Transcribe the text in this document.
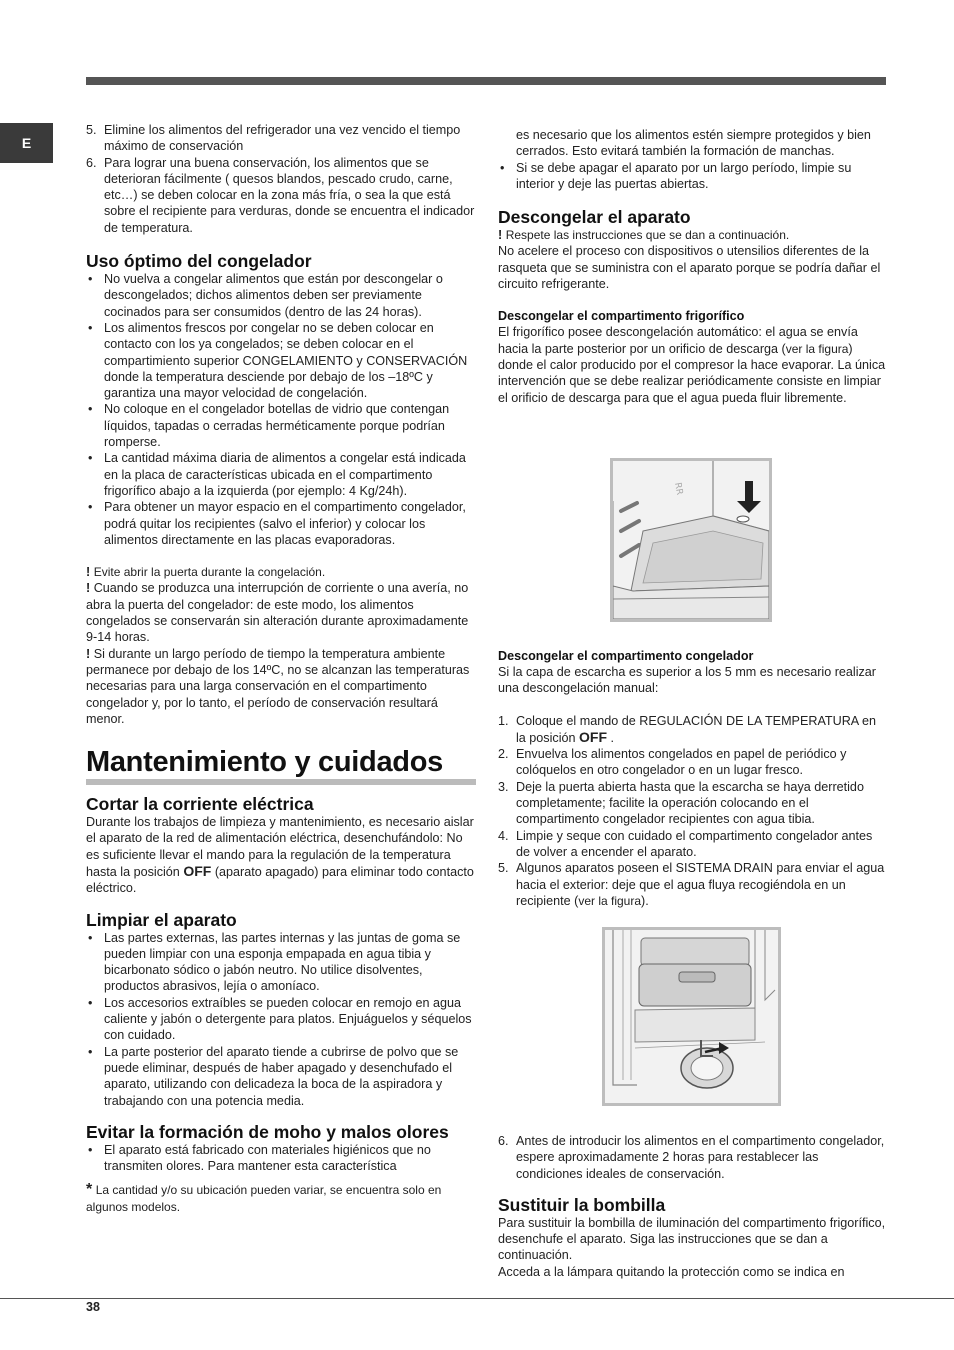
E
5. Elimine los alimentos del refrigerador una vez vencido el tiempo máximo de conservación
6. Para lograr una buena conservación, los alimentos que se deterioran fácilmente ( quesos blandos, pescado crudo, carne, etc…) se deben colocar en la zona más fría, o sea la que está sobre el recipiente para verduras, donde se encuentra el indicador de temperatura.
Uso óptimo del congelador
• No vuelva a congelar alimentos que están por descongelar o descongelados; dichos alimentos deben ser previamente cocinados para ser consumidos (dentro de las 24 horas).
• Los alimentos frescos por congelar no se deben colocar en contacto con los ya congelados; se deben colocar en el compartimiento superior CONGELAMIENTO y CONSERVACIÓN donde la temperatura desciende por debajo de los –18ºC y garantiza una mayor velocidad de congelación.
• No coloque en el congelador botellas de vidrio que contengan líquidos, tapadas o cerradas herméticamente porque podrían romperse.
• La cantidad máxima diaria de alimentos a congelar está indicada en la placa de características ubicada en el compartimento frigorífico abajo a la izquierda (por ejemplo: 4 Kg/24h).
• Para obtener un mayor espacio en el compartimento congelador, podrá quitar los recipientes (salvo el inferior) y colocar los alimentos directamente en las placas evaporadoras.

! Evite abrir la puerta durante la congelación.

! Cuando se produzca una interrupción de corriente o una avería, no abra la puerta del congelador: de este modo, los alimentos congelados se conservarán sin alteración durante aproximadamente 9-14 horas.

! Si durante un largo período de tiempo la temperatura ambiente permanece por debajo de los 14ºC, no se alcanzan las temperaturas necesarias para una larga conservación en el compartimento congelador y, por lo tanto, el período de conservación resultará menor.

Mantenimiento y cuidados
Cortar la corriente eléctrica

Durante los trabajos de limpieza y mantenimiento, es necesario aislar el aparato de la red de alimentación eléctrica, desenchufándolo: No es suficiente llevar el mando para la regulación de la temperatura hasta la posición OFF (aparato apagado) para eliminar todo contacto eléctrico.

Limpiar el aparato
• Las partes externas, las partes internas y las juntas de goma se pueden limpiar con una esponja empapada en agua tibia y bicarbonato sódico o jabón neutro. No utilice disolventes, productos abrasivos, lejía o amoníaco.
• Los accesorios extraíbles se pueden colocar en remojo en agua caliente y jabón o detergente para platos. Enjuáguelos y séquelos con cuidado.
• La parte posterior del aparato tiende a cubrirse de polvo que se puede eliminar, después de haber apagado y desenchufado el aparato, utilizando con delicadeza la boca de la aspiradora y trabajando con una potencia media.
Evitar la formación de moho y malos olores
• El aparato está fabricado con materiales higiénicos que no transmiten olores. Para mantener esta característica

* La cantidad y/o su ubicación pueden variar, se encuentra solo en algunos modelos.

es necesario que los alimentos estén siempre protegidos y bien cerrados. Esto evitará también la formación de manchas.

• Si se debe apagar el aparato por un largo período, limpie su interior y deje las puertas abiertas.
Descongelar el aparato

! Respete las instrucciones que se dan a continuación.

No acelere el proceso con dispositivos o utensilios diferentes de la rasqueta que se suministra con el aparato porque se podría dañar el circuito refrigerante.

Descongelar el compartimento frigorífico

El frigorífico posee descongelación automático: el agua se envía hacia la parte posterior por un orificio de descarga (ver la figura) donde el calor producido por el compresor la hace evaporar. La única intervención que se debe realizar periódicamente consiste en limpiar el orificio de descarga para que el agua pueda fluir libremente.

Descongelar el compartimento congelador

Si la capa de escarcha es superior a los 5 mm es necesario realizar una descongelación manual:

1. Coloque el mando de REGULACIÓN DE LA TEMPERATURA en la posición OFF .
2. Envuelva los alimentos congelados en papel de periódico y colóquelos en otro congelador o en un lugar fresco.
3. Deje la puerta abierta hasta que la escarcha se haya derretido completamente; facilite la operación colocando en el compartimento congelador recipientes con agua tibia.
4. Limpie y seque con cuidado el compartimento congelador antes de volver a encender el aparato.
5. Algunos aparatos poseen el SISTEMA DRAIN para enviar el agua hacia el exterior: deje que el agua fluya recogiéndola en un recipiente (ver la figura).
6. Antes de introducir los alimentos en el compartimento congelador, espere aproximadamente 2 horas para restablecer las condiciones ideales de conservación.
Sustituir la bombilla

Para sustituir la bombilla de iluminación del compartimento frigorífico, desenchufe el aparato. Siga las instrucciones que se dan a continuación.

Acceda a la lámpara quitando la protección como se indica en

RR
38
